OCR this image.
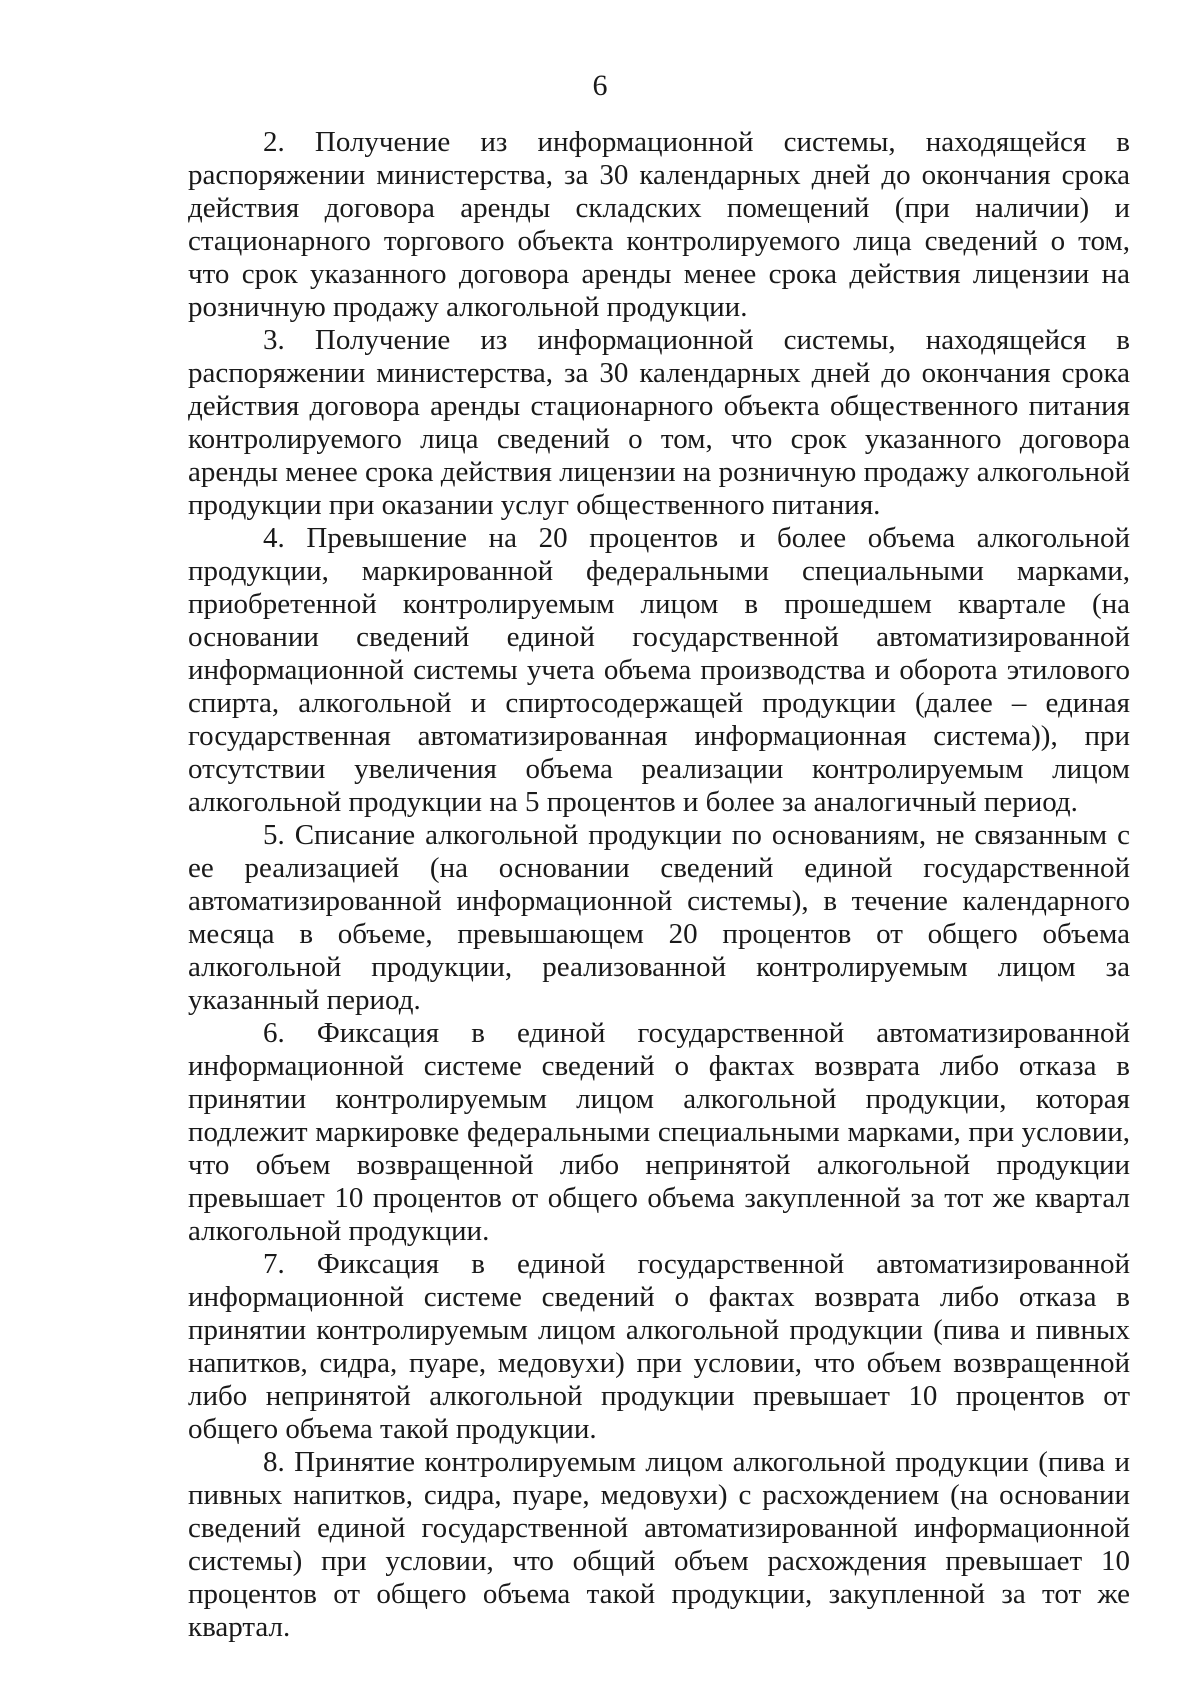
6

2. Получение из информационной системы, находящейся в распоряжении министерства, за 30 календарных дней до окончания срока действия договора аренды складских помещений (при наличии) и стационарного торгового объекта контролируемого лица сведений о том, что срок указанного договора аренды менее срока действия лицензии на розничную продажу алкогольной продукции.

3. Получение из информационной системы, находящейся в распоряжении министерства, за 30 календарных дней до окончания срока действия договора аренды стационарного объекта общественного питания контролируемого лица сведений о том, что срок указанного договора аренды менее срока действия лицензии на розничную продажу алкогольной продукции при оказании услуг общественного питания.

4. Превышение на 20 процентов и более объема алкогольной продукции, маркированной федеральными специальными марками, приобретенной контролируемым лицом в прошедшем квартале (на основании сведений единой государственной автоматизированной информационной системы учета объема производства и оборота этилового спирта, алкогольной и спиртосодержащей продукции (далее – единая государственная автоматизированная информационная система)), при отсутствии увеличения объема реализации контролируемым лицом алкогольной продукции на 5 процентов и более за аналогичный период.

5. Списание алкогольной продукции по основаниям, не связанным с ее реализацией (на основании сведений единой государственной автоматизированной информационной системы), в течение календарного месяца в объеме, превышающем 20 процентов от общего объема алкогольной продукции, реализованной контролируемым лицом за указанный период.

6. Фиксация в единой государственной автоматизированной информационной системе сведений о фактах возврата либо отказа в принятии контролируемым лицом алкогольной продукции, которая подлежит маркировке федеральными специальными марками, при условии, что объем возвращенной либо непринятой алкогольной продукции превышает 10 процентов от общего объема закупленной за тот же квартал алкогольной продукции.

7. Фиксация в единой государственной автоматизированной информационной системе сведений о фактах возврата либо отказа в принятии контролируемым лицом алкогольной продукции (пива и пивных напитков, сидра, пуаре, медовухи) при условии, что объем возвращенной либо непринятой алкогольной продукции превышает 10 процентов от общего объема такой продукции.

8. Принятие контролируемым лицом алкогольной продукции (пива и пивных напитков, сидра, пуаре, медовухи) с расхождением (на основании сведений единой государственной автоматизированной информационной системы) при условии, что общий объем расхождения превышает 10 процентов от общего объема такой продукции, закупленной за тот же квартал.
